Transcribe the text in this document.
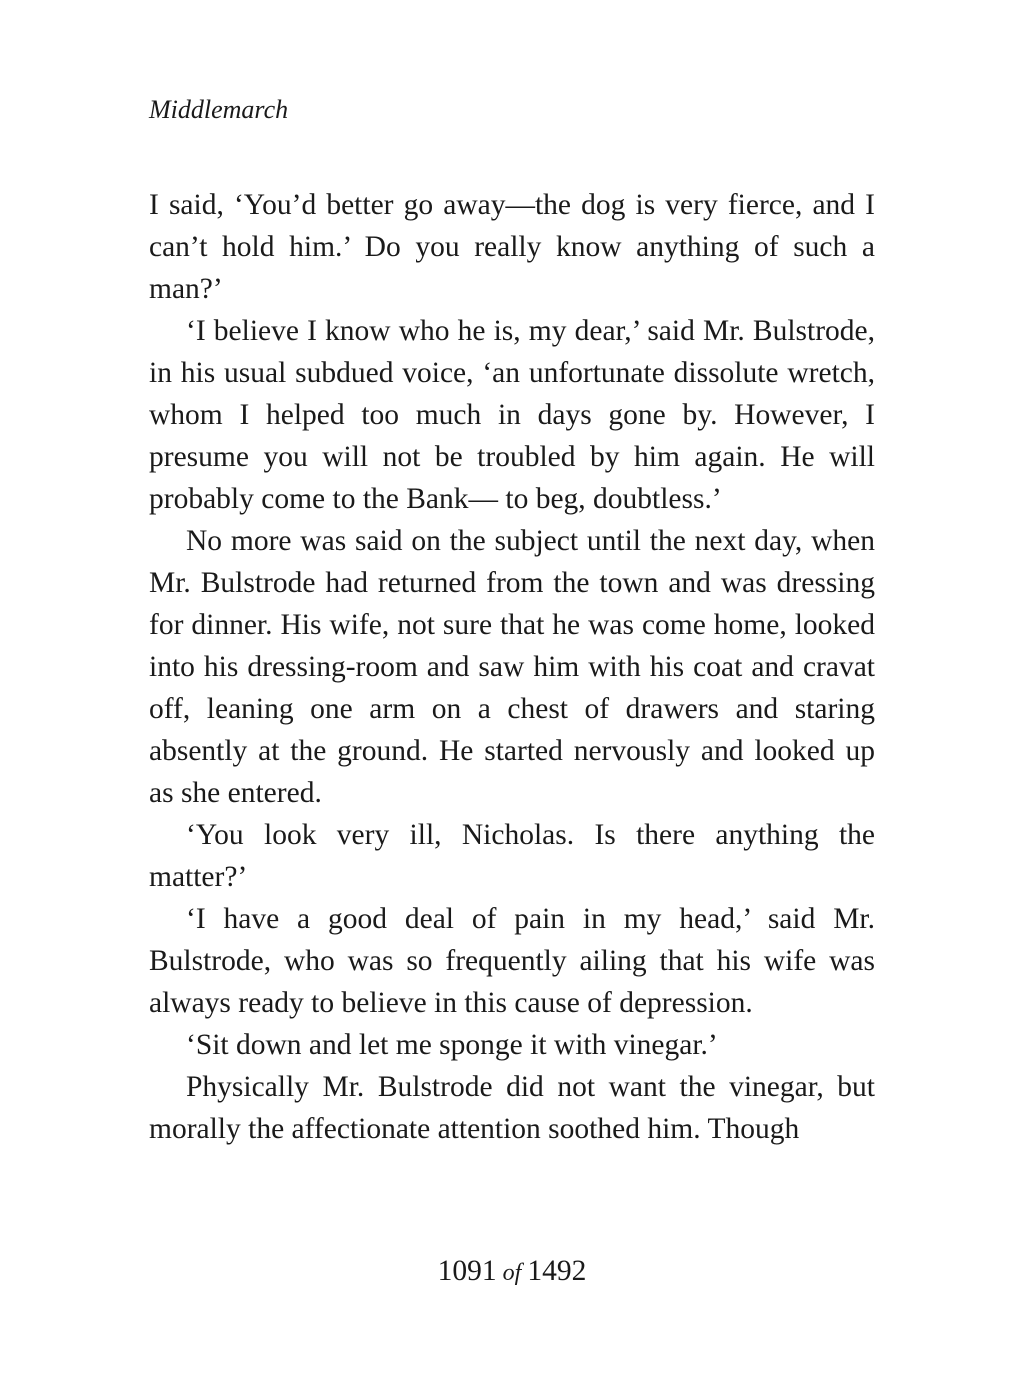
Middlemarch

I said, ‘You’d better go away—the dog is very fierce, and I can’t hold him.’ Do you really know anything of such a man?’

‘I believe I know who he is, my dear,’ said Mr. Bulstrode, in his usual subdued voice, ‘an unfortunate dissolute wretch, whom I helped too much in days gone by. However, I presume you will not be troubled by him again. He will probably come to the Bank— to beg, doubtless.’

No more was said on the subject until the next day, when Mr. Bulstrode had returned from the town and was dressing for dinner. His wife, not sure that he was come home, looked into his dressing-room and saw him with his coat and cravat off, leaning one arm on a chest of drawers and staring absently at the ground. He started nervously and looked up as she entered.

‘You look very ill, Nicholas. Is there anything the matter?’

‘I have a good deal of pain in my head,’ said Mr. Bulstrode, who was so frequently ailing that his wife was always ready to believe in this cause of depression.

‘Sit down and let me sponge it with vinegar.’

Physically Mr. Bulstrode did not want the vinegar, but morally the affectionate attention soothed him. Though

1091 of 1492
